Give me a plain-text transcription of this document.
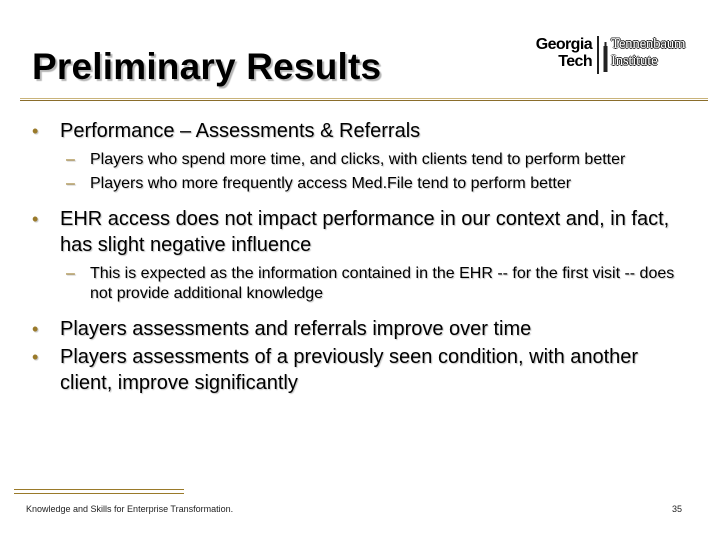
Preliminary Results
Georgia
Tech
Tennenbaum
Institute
• Performance – Assessments & Referrals
– Players who spend more time, and clicks, with clients tend to perform better
– Players who more frequently access Med.File tend to perform better
• EHR access does not impact performance in our context and, in fact, has slight negative influence
– This is expected as the information contained in the EHR -- for the first visit -- does not provide additional knowledge
• Players assessments and referrals improve over time
• Players assessments of a previously seen condition, with another client, improve significantly
Knowledge and Skills for Enterprise Transformation.	35
